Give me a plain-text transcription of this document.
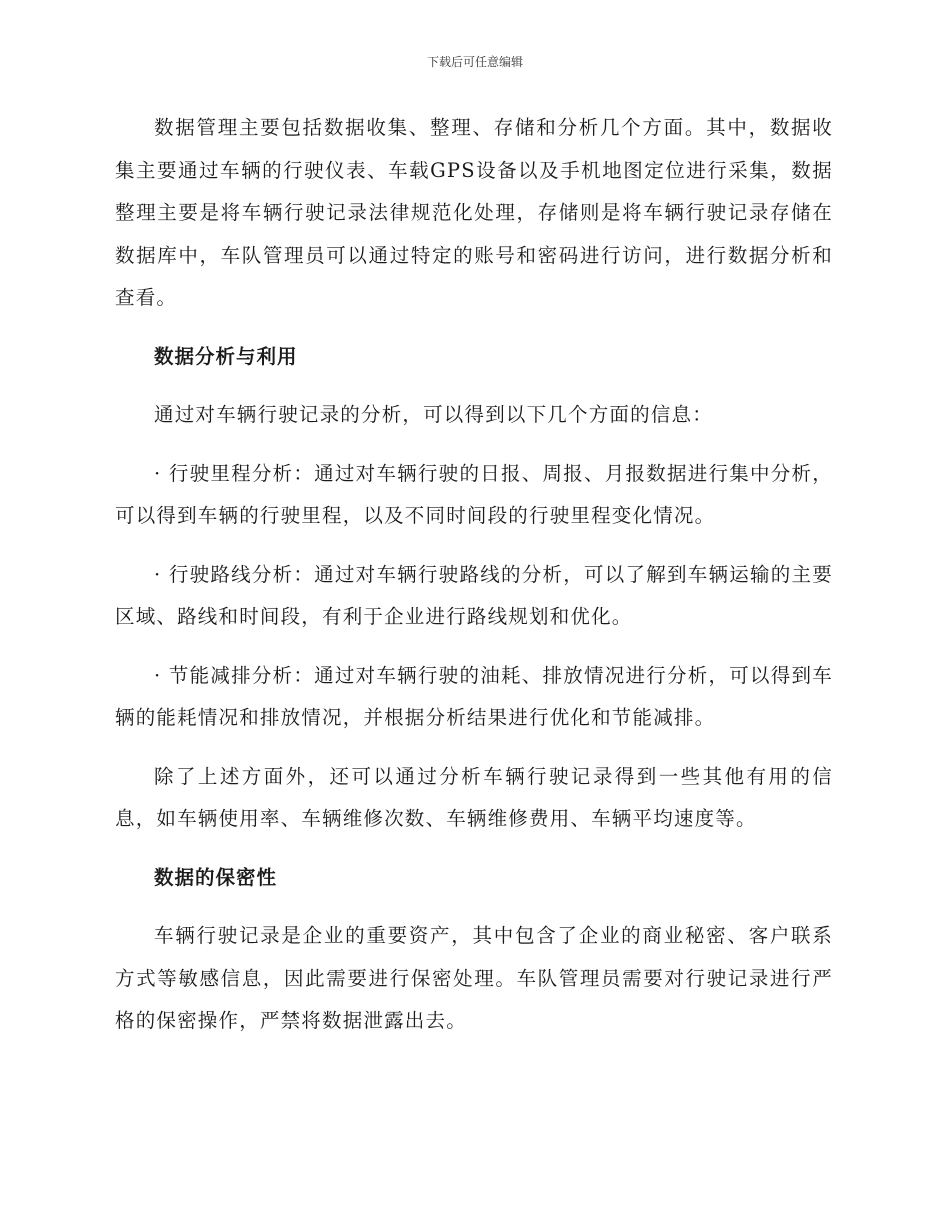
下载后可任意编辑

数据管理主要包括数据收集、整理、存储和分析几个方面。其中，数据收集主要通过车辆的行驶仪表、车载GPS设备以及手机地图定位进行采集，数据整理主要是将车辆行驶记录法律规范化处理，存储则是将车辆行驶记录存储在数据库中，车队管理员可以通过特定的账号和密码进行访问，进行数据分析和查看。

数据分析与利用

通过对车辆行驶记录的分析，可以得到以下几个方面的信息：

· 行驶里程分析：通过对车辆行驶的日报、周报、月报数据进行集中分析，可以得到车辆的行驶里程，以及不同时间段的行驶里程变化情况。

· 行驶路线分析：通过对车辆行驶路线的分析，可以了解到车辆运输的主要区域、路线和时间段，有利于企业进行路线规划和优化。

· 节能减排分析：通过对车辆行驶的油耗、排放情况进行分析，可以得到车辆的能耗情况和排放情况，并根据分析结果进行优化和节能减排。

除了上述方面外，还可以通过分析车辆行驶记录得到一些其他有用的信息，如车辆使用率、车辆维修次数、车辆维修费用、车辆平均速度等。

数据的保密性

车辆行驶记录是企业的重要资产，其中包含了企业的商业秘密、客户联系方式等敏感信息，因此需要进行保密处理。车队管理员需要对行驶记录进行严格的保密操作，严禁将数据泄露出去。
